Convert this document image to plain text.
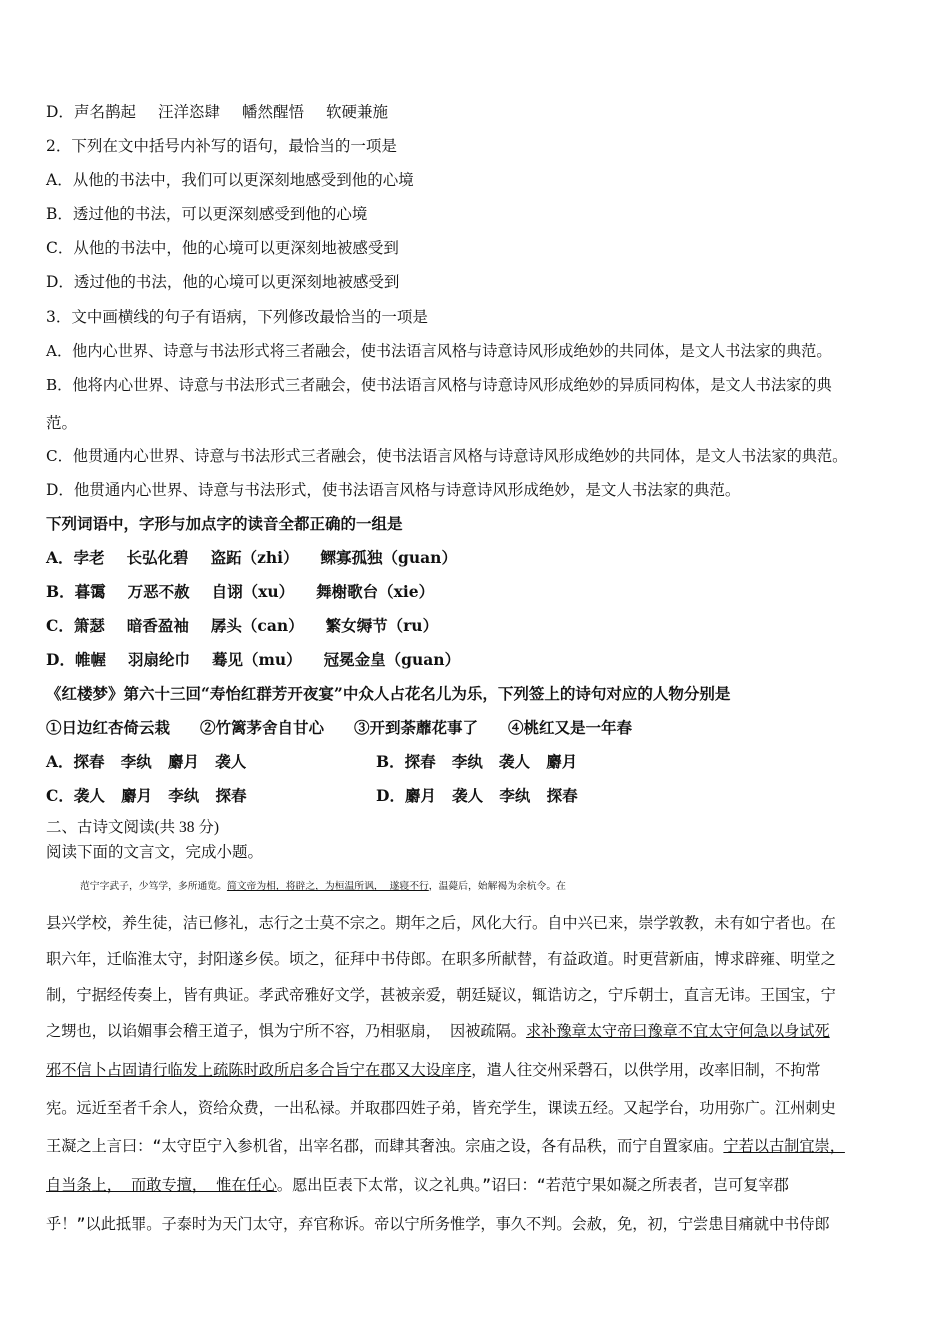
D．声名鹊起 汪洋恣肆 幡然醒悟 软硬兼施
2．下列在文中括号内补写的语句，最恰当的一项是
A．从他的书法中，我们可以更深刻地感受到他的心境
B．透过他的书法，可以更深刻感受到他的心境
C．从他的书法中，他的心境可以更深刻地被感受到
D．透过他的书法，他的心境可以更深刻地被感受到
3．文中画横线的句子有语病，下列修改最恰当的一项是
A．他内心世界、诗意与书法形式将三者融会，使书法语言风格与诗意诗风形成绝妙的共同体，是文人书法家的典范。
B．他将内心世界、诗意与书法形式三者融会，使书法语言风格与诗意诗风形成绝妙的异质同构体，是文人书法家的典
范。
C．他贯通内心世界、诗意与书法形式三者融会，使书法语言风格与诗意诗风形成绝妙的共同体，是文人书法家的典范。
D．他贯通内心世界、诗意与书法形式，使书法语言风格与诗意诗风形成绝妙，是文人书法家的典范。
下列词语中，字形与加点字的读音全都正确的一组是
A．孛老 长弘化碧 盗跖（zhi） 鳏寡孤独（guan）
B．暮霭 万恶不赦 自诩（xu） 舞榭歌台（xie）
C．箫瑟 暗香盈袖 孱头（can） 繁女缛节（ru）
D．帷幄 羽扇纶巾 蓦见（mu） 冠冕金皇（guan）
《红楼梦》第六十三回“寿怡红群芳开夜宴”中众人占花名儿为乐，下列签上的诗句对应的人物分别是
①日边红杏倚云栽 ②竹篱茅舍自甘心 ③开到荼蘼花事了 ④桃红又是一年春
A．探春 李纨 麝月 袭人	B．探春 李纨 袭人 麝月
C．袭人 麝月 李纨 探春	D．麝月 袭人 李纨 探春
二、古诗文阅读(共 38 分)
阅读下面的文言文，完成小题。
范宁字武子，少笃学，多所通览。简文帝为相，将辟之，为桓温所讽， 遂寝不行，温薨后，始解褐为余杭令。在
县兴学校，养生徒，洁已修礼，志行之士莫不宗之。期年之后，风化大行。自中兴已来，崇学敦教，未有如宁者也。在
职六年，迁临淮太守，封阳遂乡侯。顷之，征拜中书侍郎。在职多所献替，有益政道。时更营新庙，博求辟雍、明堂之
制，宁据经传奏上，皆有典证。孝武帝雅好文学，甚被亲爱，朝廷疑议，辄诰访之，宁斥朝士，直言无讳。王国宝，宁
之甥也，以谄媚事会稽王道子，惧为宁所不容，乃相驱扇， 因被疏隔。求补豫章太守帝曰豫章不宜太守何急以身试死
邪不信卜占固请行临发上疏陈时政所启多合旨宁在郡又大设庠序，遣人往交州采磬石，以供学用，改率旧制，不拘常
宪。远近至者千余人，资给众费，一出私禄。并取郡四姓子弟，皆充学生，课读五经。又起学台，功用弥广。江州刺史
王凝之上言曰：“太守臣宁入参机省，出宰名郡，而肆其奢浊。宗庙之设，各有品秩，而宁自置家庙。宁若以古制宜崇，
自当条上， 而敢专擅， 惟在任心。愿出臣表下太常，议之礼典。”诏曰：“若范宁果如凝之所表者，岂可复宰郡
乎！”以此抵罪。子泰时为天门太守，弃官称诉。帝以宁所务惟学，事久不判。会赦，免，初，宁尝患目痛就中书侍郎
